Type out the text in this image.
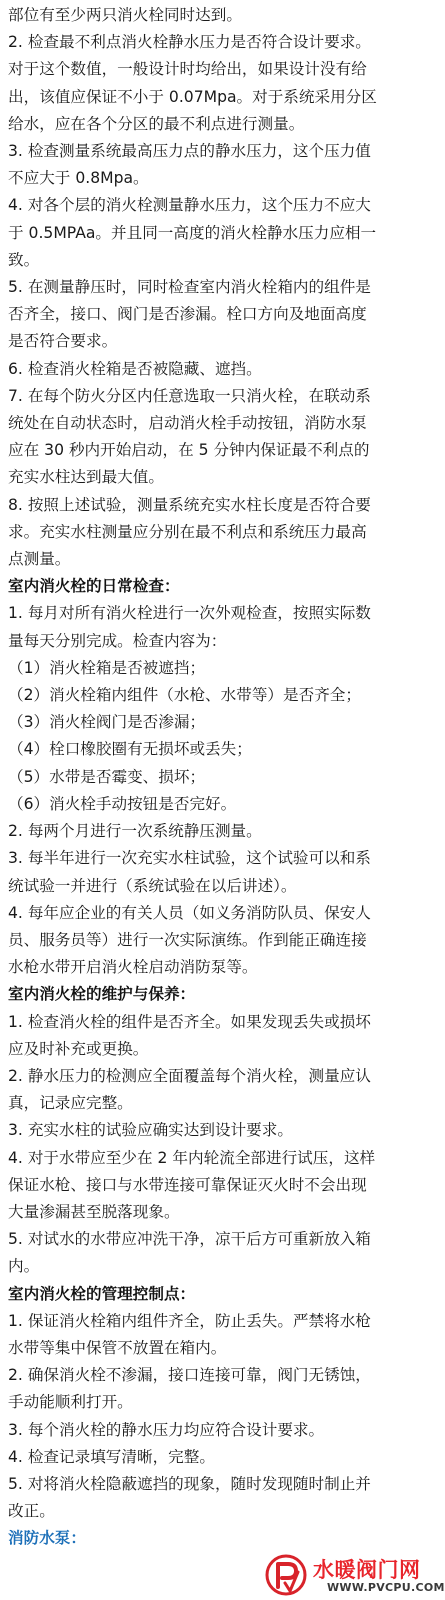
部位有至少两只消火栓同时达到。

2. 检查最不利点消火栓静水压力是否符合设计要求。

对于这个数值，一般设计时均给出，如果设计没有给

出，该值应保证不小于 0.07Mpa。对于系统采用分区

给水，应在各个分区的最不利点进行测量。

3. 检查测量系统最高压力点的静水压力，这个压力值

不应大于 0.8Mpa。

4. 对各个层的消火栓测量静水压力，这个压力不应大

于 0.5MPAa。并且同一高度的消火栓静水压力应相一

致。

5. 在测量静压时，同时检查室内消火栓箱内的组件是

否齐全，接口、阀门是否渗漏。栓口方向及地面高度

是否符合要求。

6. 检查消火栓箱是否被隐藏、遮挡。

7. 在每个防火分区内任意选取一只消火栓，在联动系

统处在自动状态时，启动消火栓手动按钮，消防水泵

应在 30 秒内开始启动，在 5 分钟内保证最不利点的

充实水柱达到最大值。

8. 按照上述试验，测量系统充实水柱长度是否符合要

求。充实水柱测量应分别在最不利点和系统压力最高

点测量。

室内消火栓的日常检查：

1. 每月对所有消火栓进行一次外观检查，按照实际数

量每天分别完成。检查内容为：

（1）消火栓箱是否被遮挡；

（2）消火栓箱内组件（水枪、水带等）是否齐全；

（3）消火栓阀门是否渗漏；

（4）栓口橡胶圈有无损坏或丢失；

（5）水带是否霉变、损坏；

（6）消火栓手动按钮是否完好。

2. 每两个月进行一次系统静压测量。

3. 每半年进行一次充实水柱试验，这个试验可以和系

统试验一并进行（系统试验在以后讲述）。

4. 每年应企业的有关人员（如义务消防队员、保安人

员、服务员等）进行一次实际演练。作到能正确连接

水枪水带开启消火栓启动消防泵等。

室内消火栓的维护与保养：

1. 检查消火栓的组件是否齐全。如果发现丢失或损坏

应及时补充或更换。

2. 静水压力的检测应全面覆盖每个消火栓，测量应认

真，记录应完整。

3. 充实水柱的试验应确实达到设计要求。

4. 对于水带应至少在 2 年内轮流全部进行试压，这样

保证水枪、接口与水带连接可靠保证灭火时不会出现

大量渗漏甚至脱落现象。

5. 对试水的水带应冲洗干净，凉干后方可重新放入箱

内。

室内消火栓的管理控制点：

1. 保证消火栓箱内组件齐全，防止丢失。严禁将水枪

水带等集中保管不放置在箱内。

2. 确保消火栓不渗漏，接口连接可靠，阀门无锈蚀，

手动能顺利打开。

3. 每个消火栓的静水压力均应符合设计要求。

4. 检查记录填写清晰，完整。

5. 对将消火栓隐蔽遮挡的现象，随时发现随时制止并

改正。

消防水泵：

水暖阀门网
WWW.PVCPU.COM
